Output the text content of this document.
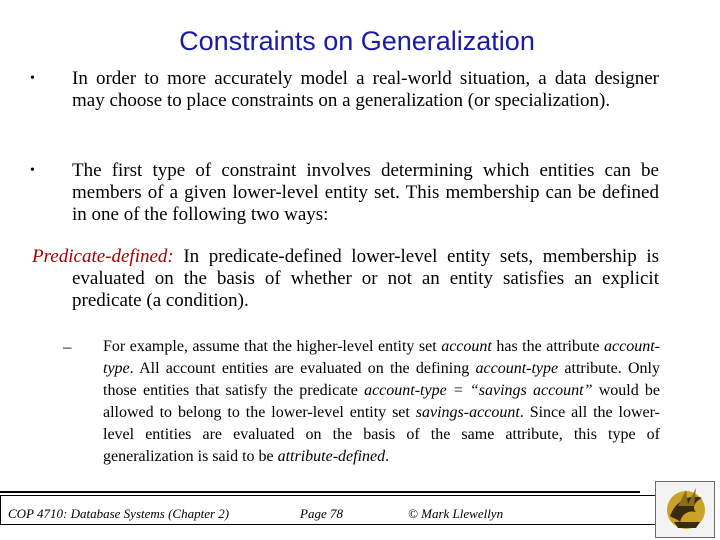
Constraints on Generalization
• In order to more accurately model a real-world situation, a data designer may choose to place constraints on a generalization (or specialization).
• The first type of constraint involves determining which entities can be members of a given lower-level entity set. This membership can be defined in one of the following two ways:
Predicate-defined: In predicate-defined lower-level entity sets, membership is evaluated on the basis of whether or not an entity satisfies an explicit predicate (a condition).
– For example, assume that the higher-level entity set account has the attribute account-type. All account entities are evaluated on the defining account-type attribute. Only those entities that satisfy the predicate account-type = “savings account” would be allowed to belong to the lower-level entity set savings-account. Since all the lower-level entities are evaluated on the basis of the same attribute, this type of generalization is said to be attribute-defined.
COP 4710: Database Systems (Chapter 2)	Page 78	© Mark Llewellyn
